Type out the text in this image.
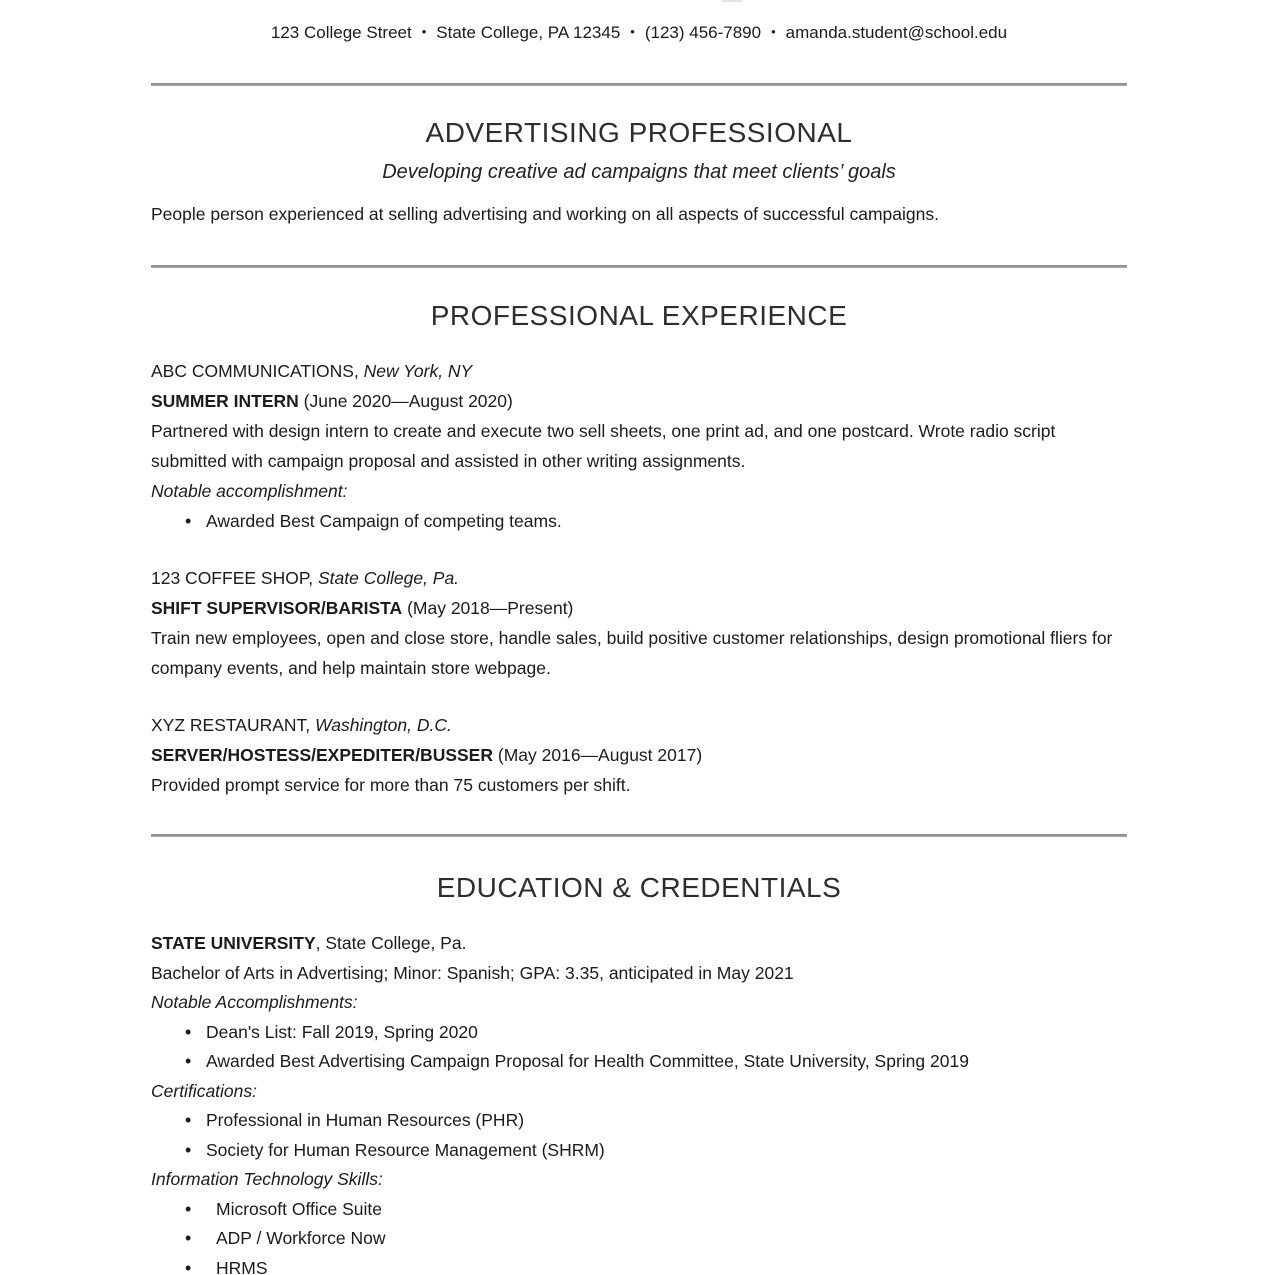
123 College Street • State College, PA 12345 • (123) 456-7890 • amanda.student@school.edu
ADVERTISING PROFESSIONAL
Developing creative ad campaigns that meet clients’ goals
People person experienced at selling advertising and working on all aspects of successful campaigns.
PROFESSIONAL EXPERIENCE
ABC COMMUNICATIONS, New York, NY
SUMMER INTERN (June 2020—August 2020)
Partnered with design intern to create and execute two sell sheets, one print ad, and one postcard. Wrote radio script submitted with campaign proposal and assisted in other writing assignments.
Notable accomplishment:
• Awarded Best Campaign of competing teams.
123 COFFEE SHOP, State College, Pa.
SHIFT SUPERVISOR/BARISTA (May 2018—Present)
Train new employees, open and close store, handle sales, build positive customer relationships, design promotional fliers for company events, and help maintain store webpage.
XYZ RESTAURANT, Washington, D.C.
SERVER/HOSTESS/EXPEDITER/BUSSER (May 2016—August 2017)
Provided prompt service for more than 75 customers per shift.
EDUCATION & CREDENTIALS
STATE UNIVERSITY, State College, Pa.
Bachelor of Arts in Advertising; Minor: Spanish; GPA: 3.35, anticipated in May 2021
Notable Accomplishments:
• Dean's List: Fall 2019, Spring 2020
• Awarded Best Advertising Campaign Proposal for Health Committee, State University, Spring 2019
Certifications:
• Professional in Human Resources (PHR)
• Society for Human Resource Management (SHRM)
Information Technology Skills:
• Microsoft Office Suite
• ADP / Workforce Now
• HRMS
